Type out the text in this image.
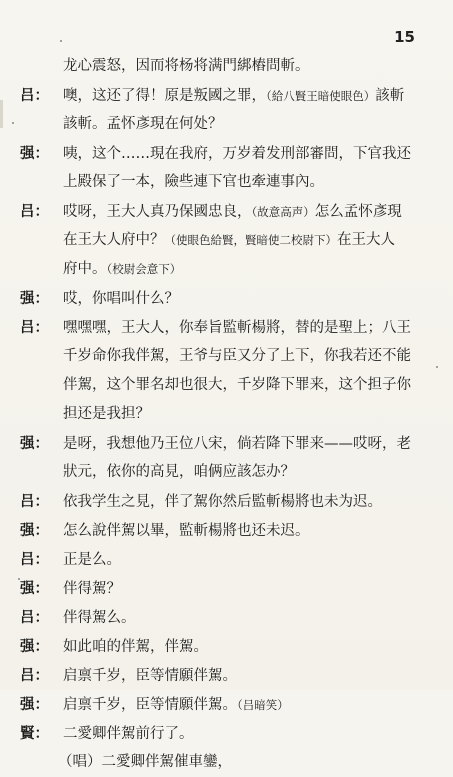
15
龙心震怒，因而将杨将满門綁樁問斬。
吕： 噢，这还了得！原是叛國之罪，（給八賢王暗使眼色）該斬
該斬。孟怀彥現在何处？
强： 咦，这个……現在我府，万岁着发刑部審問，下官我还
上殿保了一本，險些連下官也牽連事內。
吕： 哎呀，王大人真乃保國忠良，（故意高声）怎么孟怀彥現
在王大人府中？（使眼色給賢，賢暗使二校尉下）在王大人
府中。（校尉会意下）
强： 哎，你唱叫什么？
吕： 嘿嘿嘿，王大人，你奉旨監斬楊將，替的是聖上；八王
千岁命你我伴駕，王爷与臣又分了上下，你我若还不能
伴駕，这个罪名却也很大，千岁降下罪来，这个担子你
担还是我担？
强： 是呀，我想他乃王位八宋，倘若降下罪来——哎呀，老
狀元，依你的高見，咱俩应該怎办？
吕： 依我学生之見，伴了駕你然后監斬楊將也未为迟。
强： 怎么說伴駕以畢，監斬楊將也还未迟。
吕： 正是么。
强： 伴得駕？
吕： 伴得駕么。
强： 如此咱的伴駕，伴駕。
吕： 启禀千岁，臣等情願伴駕。
强： 启禀千岁，臣等情願伴駕。（吕暗笑）
賢： 二愛卿伴駕前行了。
（唱）二愛卿伴駕催車鑾，
